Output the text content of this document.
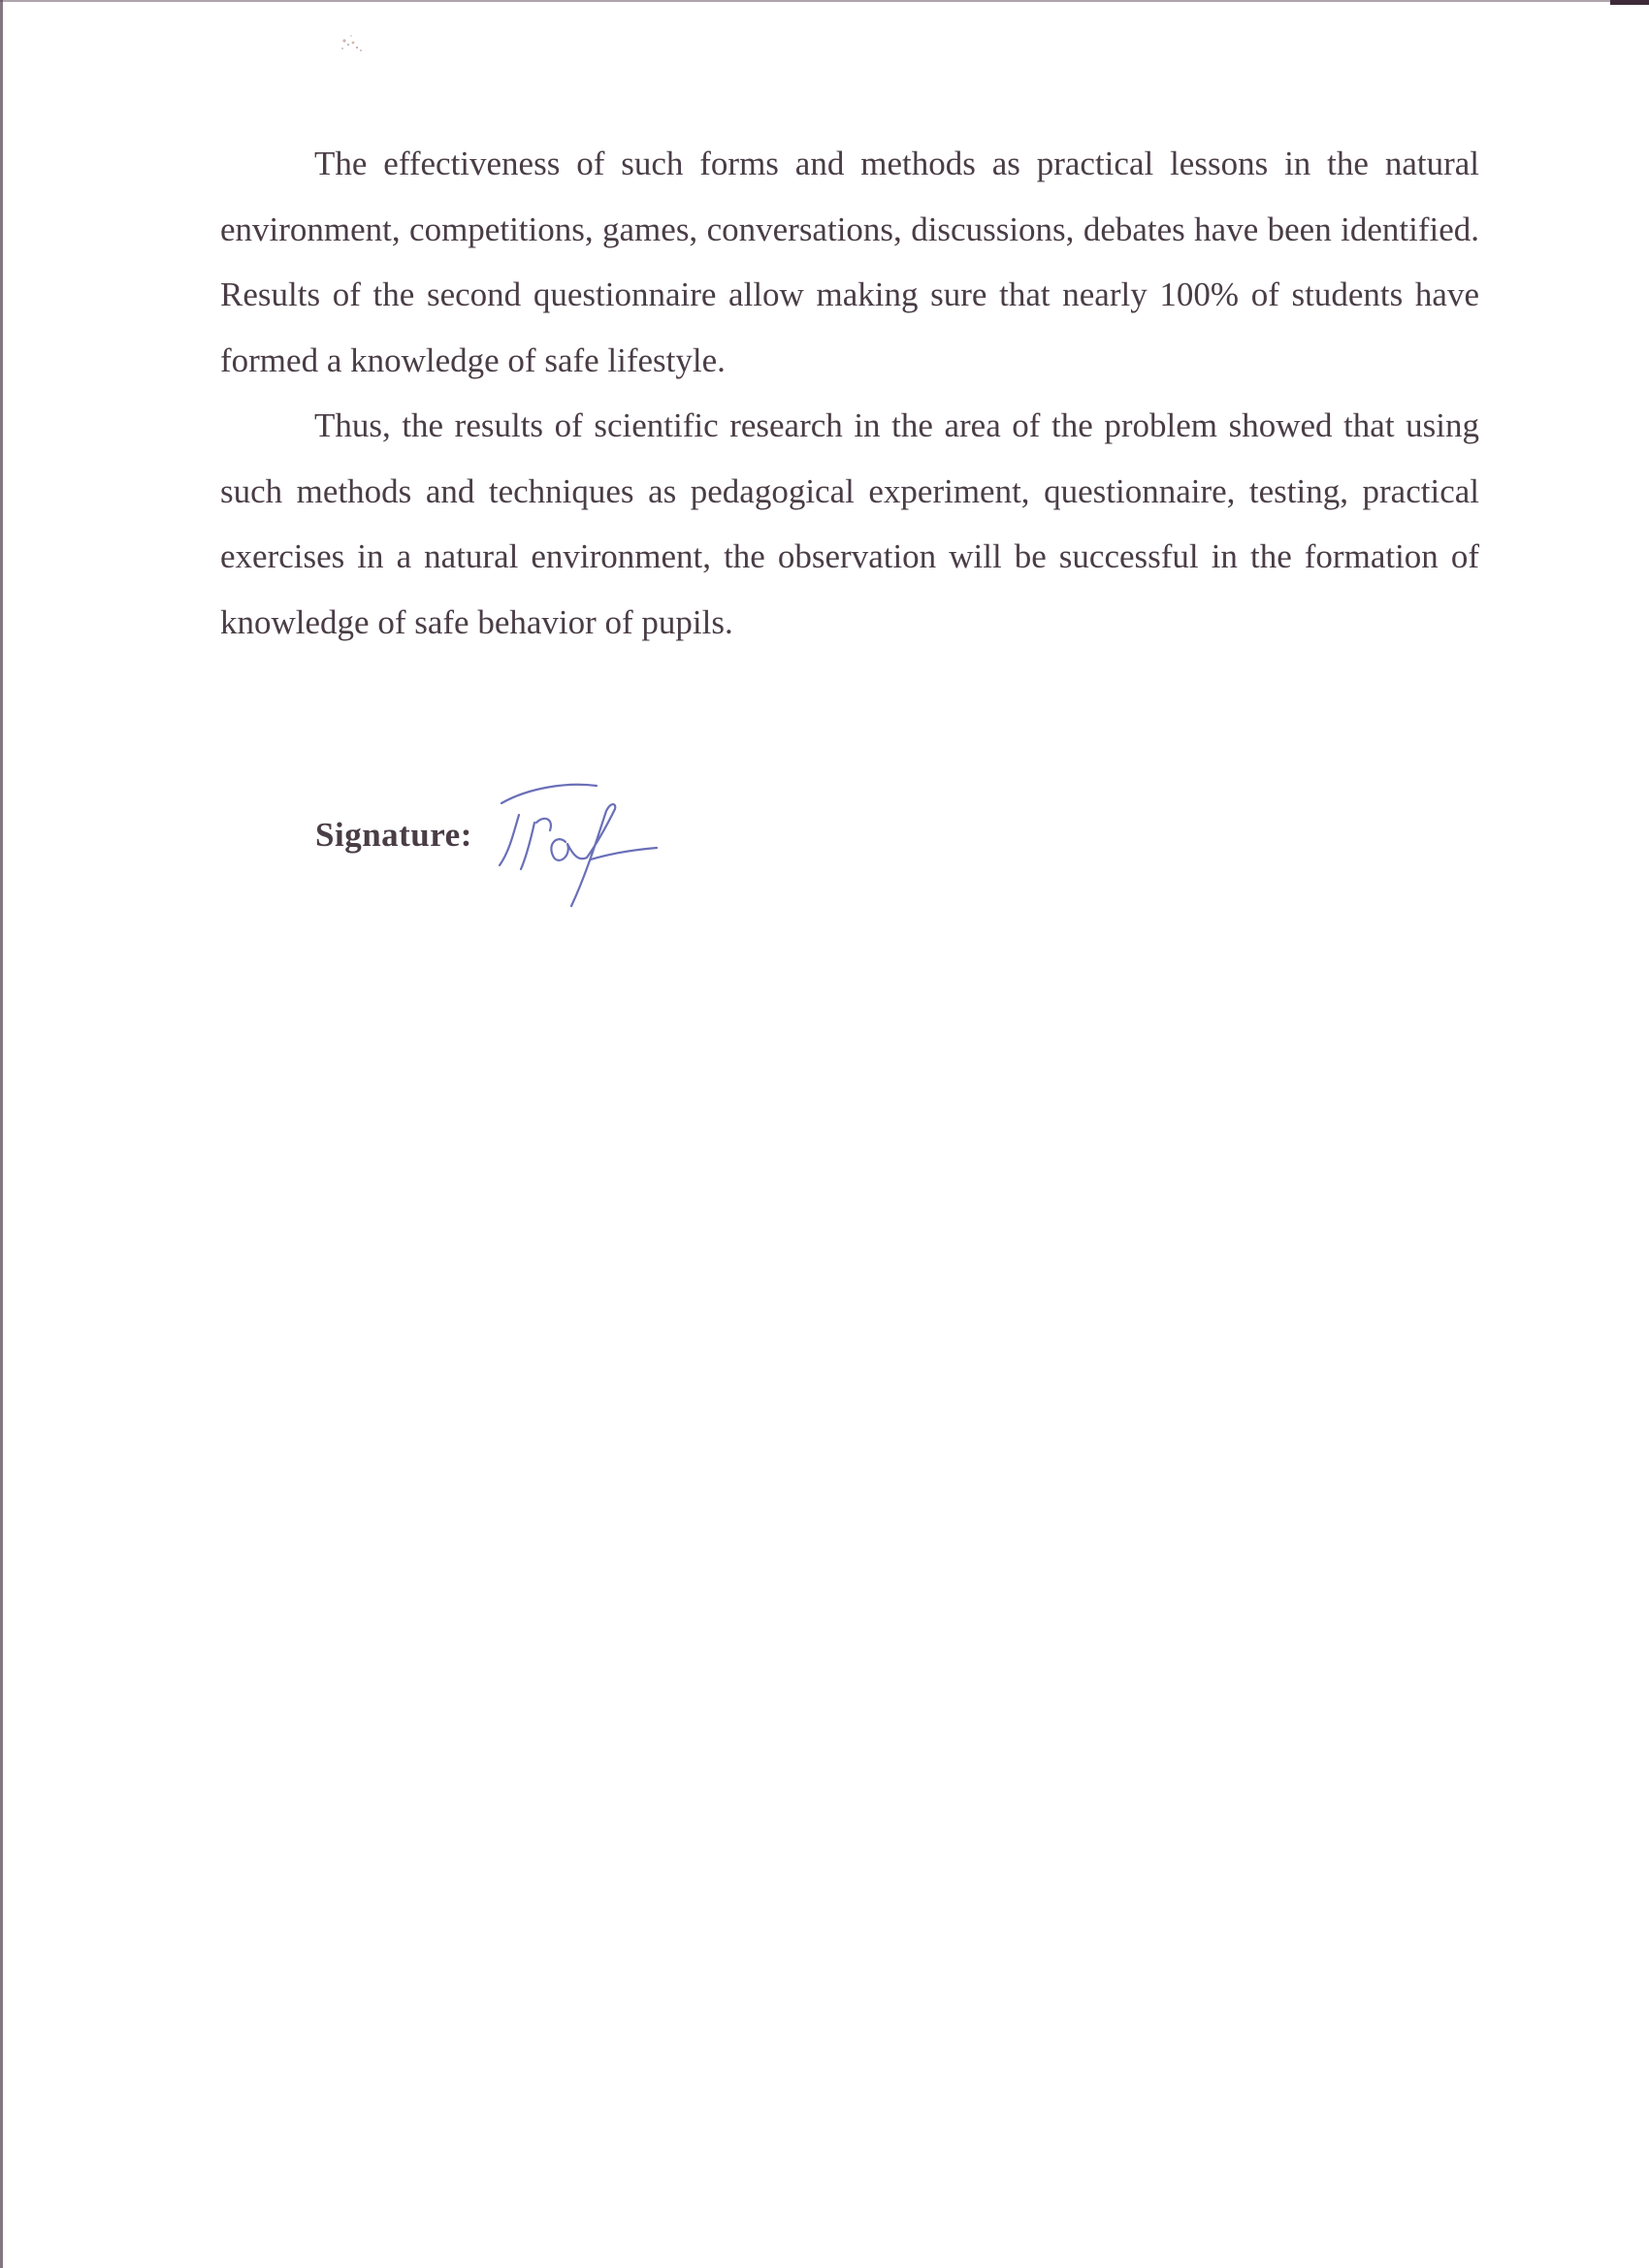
The effectiveness of such forms and methods as practical lessons in the natural environment, competitions, games, conversations, discussions, debates have been identified. Results of the second questionnaire allow making sure that nearly 100% of students have formed a knowledge of safe lifestyle.

Thus, the results of scientific research in the area of the problem showed that using such methods and techniques as pedagogical experiment, questionnaire, testing, practical exercises in a natural environment, the observation will be successful in the formation of knowledge of safe behavior of pupils.

Signature:
